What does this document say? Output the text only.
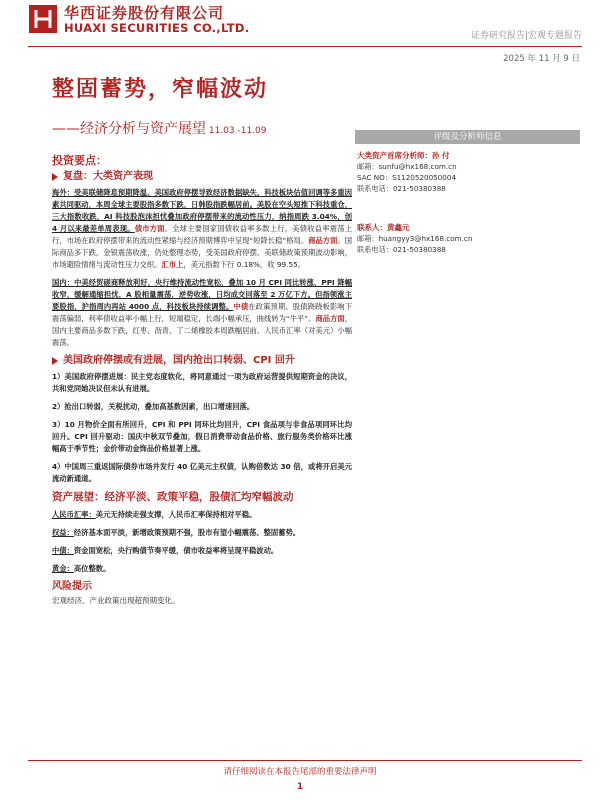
华西证券股份有限公司
HUAXI SECURITIES CO.,LTD.
证券研究报告|宏观专题报告
2025 年 11 月 9 日
整固蓄势，窄幅波动
——经济分析与资产展望 11.03 -11.09
投资要点：
复盘：大类资产表现

海外：受美联储降息预期降温、美国政府停摆导致经济数据缺失、科技板块估值回调等多重因素共同驱动，本周全球主要股指多数下跌，日韩股指跌幅居前。美股在空头短推下科技重仓，三大指数收跌，AI 科技股泡沫担忧叠加政府停摆带来的流动性压力，纳指周跌 3.04%，创 4 月以来最差单周表现。债市方面。全球主要国家国债收益率多数上行，美债收益率震荡上行，市场在政府停摆带来的流动性紧缩与经济预期博弈中呈现“短降长稳”格局。商品方面。国际商品多下跌，金银震荡收涨，仍处整理态势，受美国政府停摆、美联储政策预期波动影响，市场避险情绪与流动性压力交织。汇市上，美元指数下行 0.18%，收 99.55。

国内：中美经贸磋商释放利好，央行维持流动性宽松，叠加 10 月 CPI 同比转涨、PPI 降幅收窄，缓解通缩担忧，A 股相量震荡，逆势收涨，日均成交回落至 2 万亿下方。但指领涨主要股指，沪指周内再站 4000 点，科技板块持续调整。中债在政策预期、股债跷跷板影响下震荡偏弱，利率债收益率小幅上行，短端稳定，长端小幅承压，曲线转为“牛平”。商品方面，国内主要商品多数下跌，红枣、沥青、丁二烯橡胶本周跌幅居前。人民币汇率（对美元）小幅震荡。

美国政府停摆或有进展，国内抢出口转弱、CPI 回升

1）美国政府停摆进展：民主党态度软化，将同意通过一项为政府运营提供短期资金的决议，共和党同她决议但未认有进展。

2）抢出口转弱，关税扰动，叠加高基数因素，出口增速回落。

3）10 月物价全面有所回升，CPI 和 PPI 同环比均回升，CPI 食品项与非食品项同环比均回升。CPI 回升驱动：国庆中秋双节叠加，假日消费带动食品价格、旅行服务类价格环比涨幅高于季节性；金价带动金饰品价格显著上涨。

4）中国周三重返国际债券市场并发行 40 亿美元主权债，认购倍数达 30 倍，或将开启美元流动新通道。

资产展望：经济平淡、政策平稳，股债汇均窄幅波动

人民币汇率：美元无持续走强支撑，人民币汇率保持相对平稳。

权益：经济基本面平淡，新增政策预期不强，股市有望小幅震荡、整固蓄势。

中债：资金面宽松，央行购债节奏平缓，债市收益率将呈现平稳波动。

黄金：高位整数。

风险提示
宏观经济、产业政策出现超预期变化。
评级及分析师信息
大类资产首席分析师：孙 付
邮箱：sunfu@hx168.com.cn
SAC NO：S1120520050004
联系电话：021-50380388
联系人：黄鑫元
邮箱：huangyy3@hx168.com.cn
联系电话：021-50380388
请仔细阅读在本报告尾部的重要法律声明
1
